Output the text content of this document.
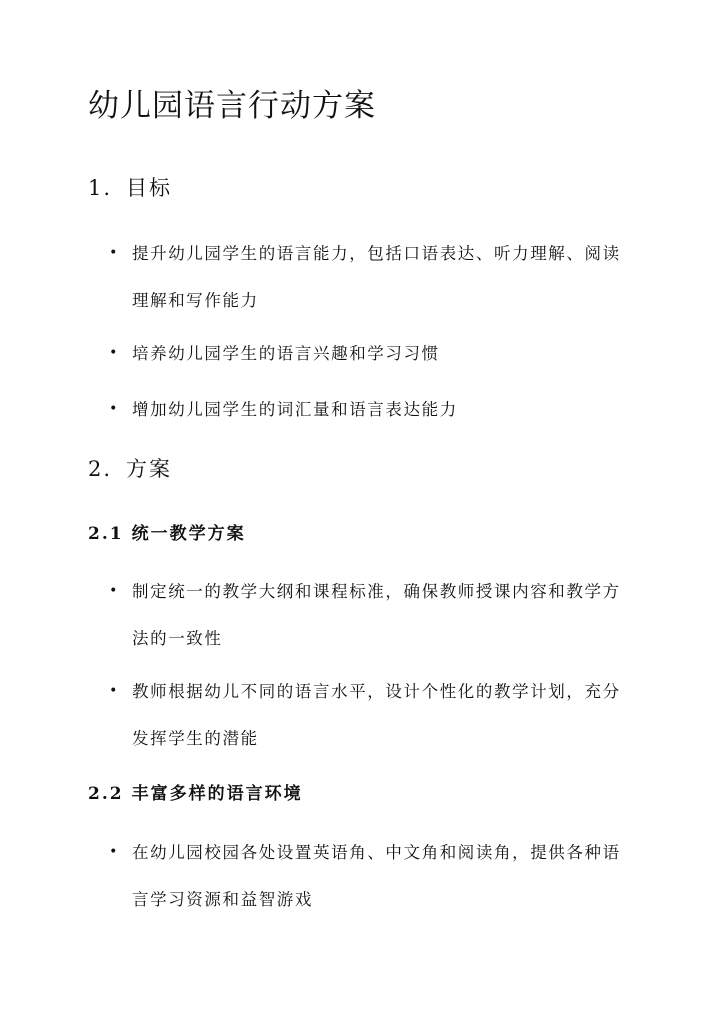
幼儿园语言行动方案
1. 目标
• 提升幼儿园学生的语言能力，包括口语表达、听力理解、阅读理解和写作能力
• 培养幼儿园学生的语言兴趣和学习习惯
• 增加幼儿园学生的词汇量和语言表达能力
2. 方案
2.1 统一教学方案
• 制定统一的教学大纲和课程标准，确保教师授课内容和教学方法的一致性
• 教师根据幼儿不同的语言水平，设计个性化的教学计划，充分发挥学生的潜能
2.2 丰富多样的语言环境
• 在幼儿园校园各处设置英语角、中文角和阅读角，提供各种语言学习资源和益智游戏
